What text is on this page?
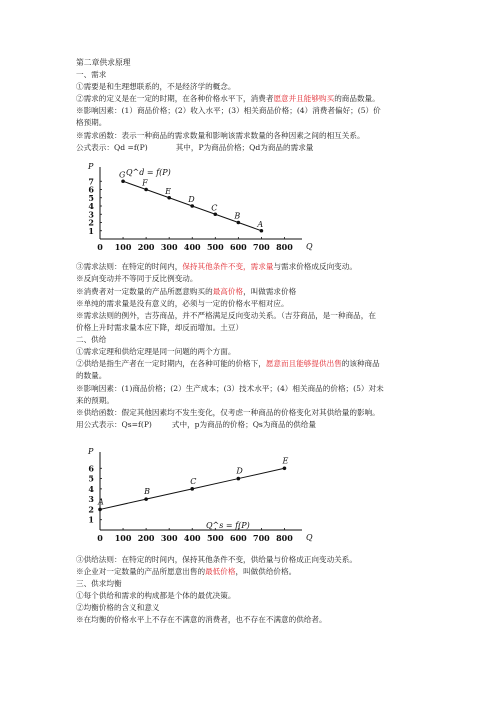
第二章供求原理
一、需求
①需要是和生理想联系的，不是经济学的概念。
②需求的定义是在一定的时期，在各种价格水平下，消费者愿意并且能够购买的商品数量。
※影响因素：(1）商品价格；(2）收入水平；(3）相关商品价格；(4）消费者偏好；(5）价
格预期。
※需求函数：表示一种商品的需求数量和影响该需求数量的各种因素之间的相互关系。
公式表示：Qd =f(P)	其中，P为商品价格；Qd为商品的需求量
P
Q
0 100 200 300 400 500 600 700 800
1
2
3
4
5
6
7
G
F
E
D
C
B
A
Q^d = f(P)
③需求法则：在特定的时间内，保持其他条件不变，需求量与需求价格成反向变动。
※反向变动并不等同于反比例变动。
※消费者对一定数量的产品所愿意购买的最高价格，叫做需求价格
※单纯的需求量是没有意义的，必须与一定的价格水平相对应。
※需求法则的例外，吉芬商品，并不严格满足反向变动关系。（吉芬商品，是一种商品，在
价格上升时需求量本应下降，却反而增加。土豆）
二、供给
①需求定理和供给定理是同一问题的两个方面。
②供给是指生产者在一定时期内，在各种可能的价格下，愿意而且能够提供出售的该种商品
的数量。
※影响因素：(1)商品价格；(2）生产成本；(3）技术水平；(4）相关商品的价格；(5）对未
来的预期。
※供给函数：假定其他因素均不发生变化，仅考虑一种商品的价格变化对其供给量的影响。
用公式表示：Qs=f(P)	式中，p为商品的价格；Qs为商品的供给量
P
Q
0 100 200 300 400 500 600 700 800
1
2
3
4
5
6
A
B
C
D
E
Q^s = f(P)
③供给法则：在特定的时间内，保持其他条件不变，供给量与价格成正向变动关系。
※企业对一定数量的产品所愿意出售的最低价格，叫做供给价格。
三、供求均衡
①每个供给和需求的构成都是个体的最优决策。
②均衡价格的含义和意义
※在均衡的价格水平上不存在不满意的消费者，也不存在不满意的供给者。
